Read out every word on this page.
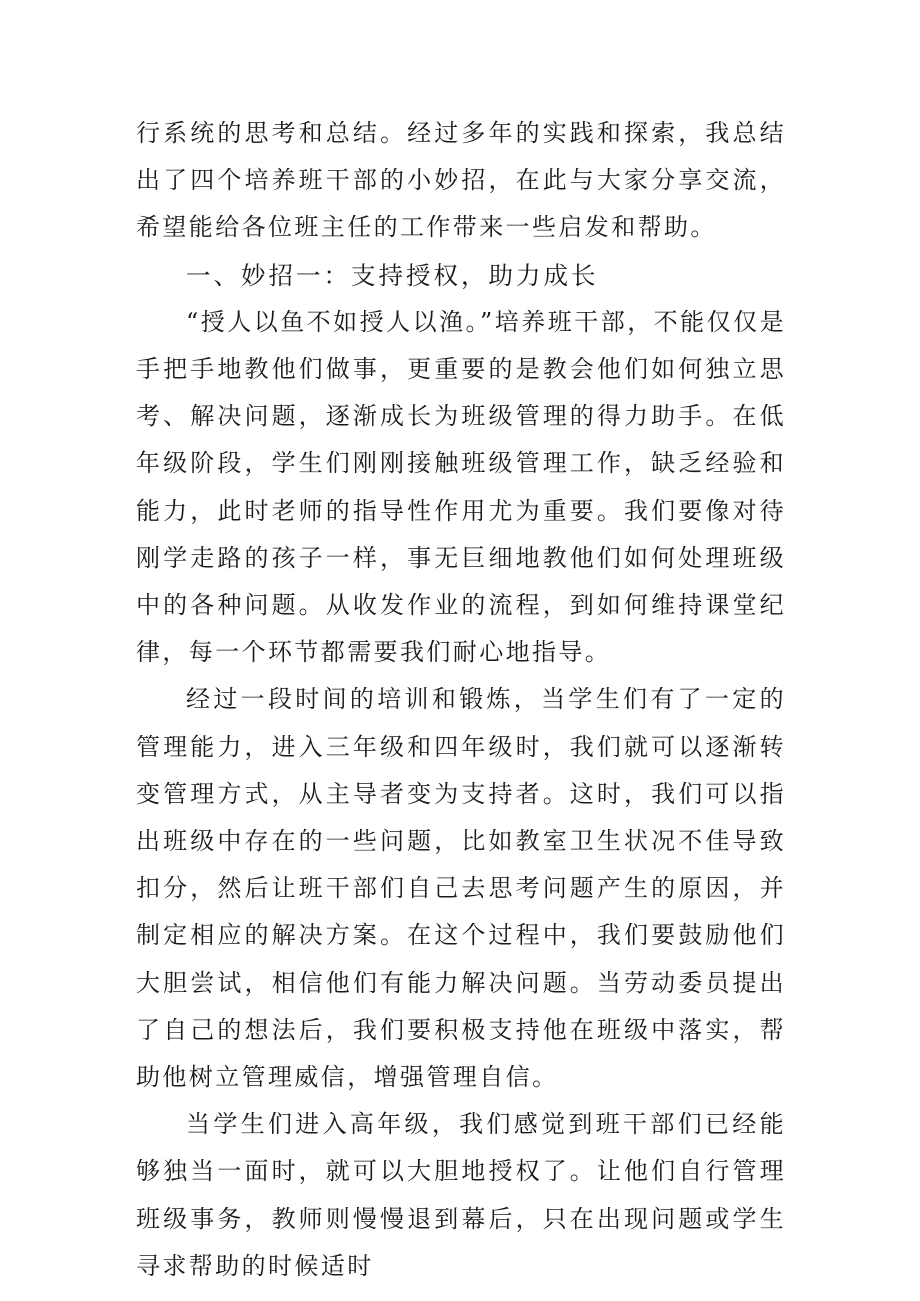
行系统的思考和总结。经过多年的实践和探索，我总结出了四个培养班干部的小妙招，在此与大家分享交流，希望能给各位班主任的工作带来一些启发和帮助。

一、妙招一：支持授权，助力成长

“授人以鱼不如授人以渔。”培养班干部，不能仅仅是手把手地教他们做事，更重要的是教会他们如何独立思考、解决问题，逐渐成长为班级管理的得力助手。在低年级阶段，学生们刚刚接触班级管理工作，缺乏经验和能力，此时老师的指导性作用尤为重要。我们要像对待刚学走路的孩子一样，事无巨细地教他们如何处理班级中的各种问题。从收发作业的流程，到如何维持课堂纪律，每一个环节都需要我们耐心地指导。

经过一段时间的培训和锻炼，当学生们有了一定的管理能力，进入三年级和四年级时，我们就可以逐渐转变管理方式，从主导者变为支持者。这时，我们可以指出班级中存在的一些问题，比如教室卫生状况不佳导致扣分，然后让班干部们自己去思考问题产生的原因，并制定相应的解决方案。在这个过程中，我们要鼓励他们大胆尝试，相信他们有能力解决问题。当劳动委员提出了自己的想法后，我们要积极支持他在班级中落实，帮助他树立管理威信，增强管理自信。

当学生们进入高年级，我们感觉到班干部们已经能够独当一面时，就可以大胆地授权了。让他们自行管理班级事务，教师则慢慢退到幕后，只在出现问题或学生寻求帮助的时候适时
